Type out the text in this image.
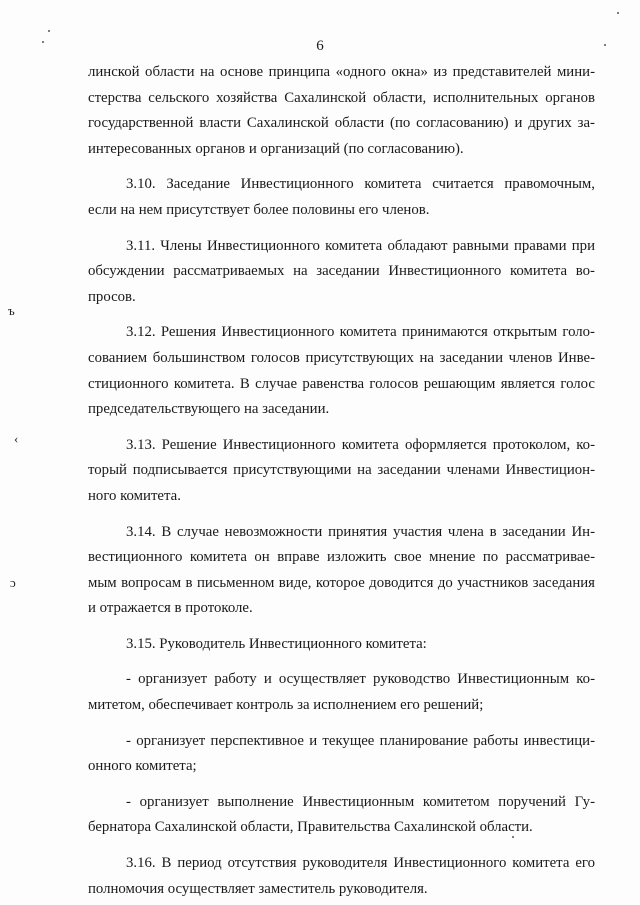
6
линской области на основе принципа «одного окна» из представителей мини-
стерства сельского хозяйства Сахалинской области, исполнительных органов
государственной власти Сахалинской области (по согласованию) и других за-
интересованных органов и организаций (по согласованию).
3.10. Заседание Инвестиционного комитета считается правомочным,
если на нем присутствует более половины его членов.
3.11. Члены Инвестиционного комитета обладают равными правами при
обсуждении рассматриваемых на заседании Инвестиционного комитета во-
просов.
3.12. Решения Инвестиционного комитета принимаются открытым голо-
сованием большинством голосов присутствующих на заседании членов Инве-
стиционного комитета. В случае равенства голосов решающим является голос
председательствующего на заседании.
3.13. Решение Инвестиционного комитета оформляется протоколом, ко-
торый подписывается присутствующими на заседании членами Инвестицион-
ного комитета.
3.14. В случае невозможности принятия участия члена в заседании Ин-
вестиционного комитета он вправе изложить свое мнение по рассматривае-
мым вопросам в письменном виде, которое доводится до участников заседания
и отражается в протоколе.
3.15. Руководитель Инвестиционного комитета:
- организует работу и осуществляет руководство Инвестиционным ко-
митетом, обеспечивает контроль за исполнением его решений;
- организует перспективное и текущее планирование работы инвестици-
онного комитета;
- организует выполнение Инвестиционным комитетом поручений Гу-
бернатора Сахалинской области, Правительства Сахалинской области.
3.16. В период отсутствия руководителя Инвестиционного комитета его
полномочия осуществляет заместитель руководителя.
ъ
‹
ɔ
